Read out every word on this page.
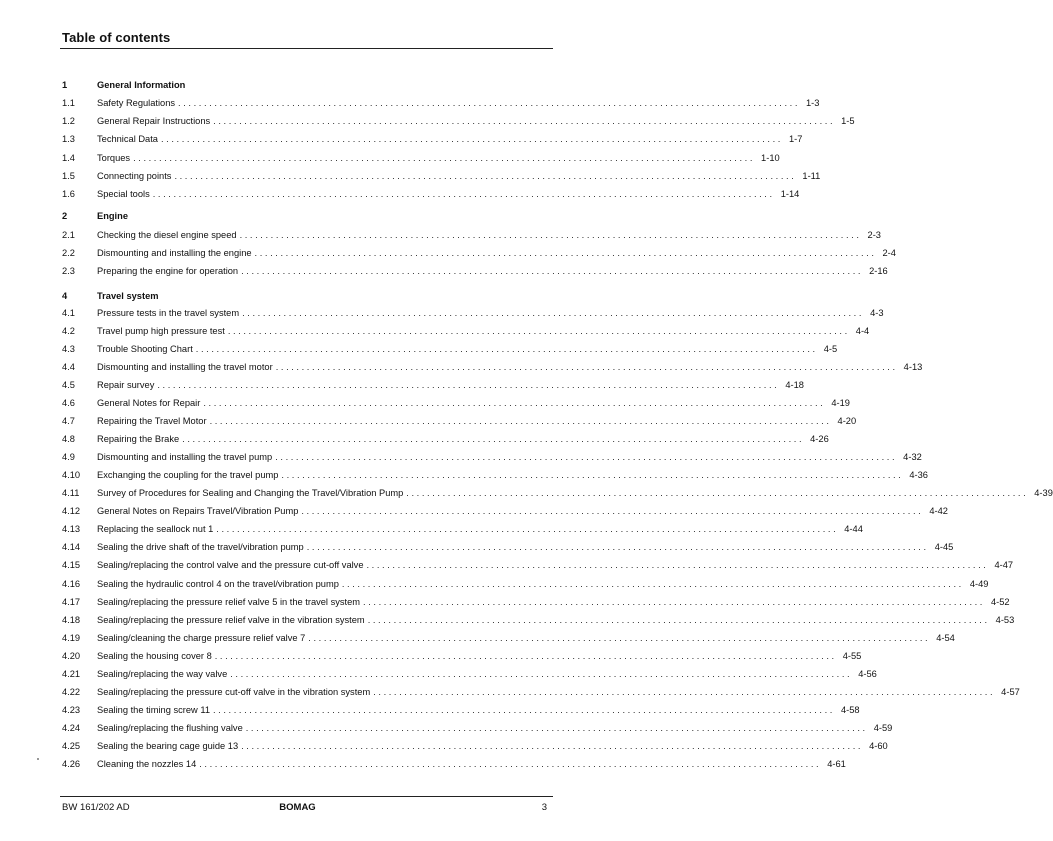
Table of contents
1	General Information
1.1	Safety Regulations ........................................................................................................................ 1-3
1.2	General Repair Instructions ........................................................................................................................ 1-5
1.3	Technical Data ........................................................................................................................ 1-7
1.4	Torques ........................................................................................................................ 1-10
1.5	Connecting points ........................................................................................................................ 1-11
1.6	Special tools ........................................................................................................................ 1-14
2	Engine
2.1	Checking the diesel engine speed ........................................................................................................................ 2-3
2.2	Dismounting and installing the engine ........................................................................................................................ 2-4
2.3	Preparing the engine for operation ........................................................................................................................ 2-16
4	Travel system
4.1	Pressure tests in the travel system ........................................................................................................................ 4-3
4.2	Travel pump high pressure test ........................................................................................................................ 4-4
4.3	Trouble Shooting Chart ........................................................................................................................ 4-5
4.4	Dismounting and installing the travel motor ........................................................................................................................ 4-13
4.5	Repair survey ........................................................................................................................ 4-18
4.6	General Notes for Repair ........................................................................................................................ 4-19
4.7	Repairing the Travel Motor ........................................................................................................................ 4-20
4.8	Repairing the Brake ........................................................................................................................ 4-26
4.9	Dismounting and installing the travel pump ........................................................................................................................ 4-32
4.10	Exchanging the coupling for the travel pump ........................................................................................................................ 4-36
4.11	Survey of Procedures for Sealing and Changing the Travel/Vibration Pump ........................................................................................................................ 4-39
4.12	General Notes on Repairs Travel/Vibration Pump ........................................................................................................................ 4-42
4.13	Replacing the seallock nut 1 ........................................................................................................................ 4-44
4.14	Sealing the drive shaft of the travel/vibration pump ........................................................................................................................ 4-45
4.15	Sealing/replacing the control valve and the pressure cut-off valve ........................................................................................................................ 4-47
4.16	Sealing the hydraulic control 4 on the travel/vibration pump ........................................................................................................................ 4-49
4.17	Sealing/replacing the pressure relief valve 5 in the travel system ........................................................................................................................ 4-52
4.18	Sealing/replacing the pressure relief valve in the vibration system ........................................................................................................................ 4-53
4.19	Sealing/cleaning the charge pressure relief valve 7 ........................................................................................................................ 4-54
4.20	Sealing the housing cover 8 ........................................................................................................................ 4-55
4.21	Sealing/replacing the way valve ........................................................................................................................ 4-56
4.22	Sealing/replacing the pressure cut-off valve in the vibration system ........................................................................................................................ 4-57
4.23	Sealing the timing screw 11 ........................................................................................................................ 4-58
4.24	Sealing/replacing the flushing valve ........................................................................................................................ 4-59
4.25	Sealing the bearing cage guide 13 ........................................................................................................................ 4-60
4.26	Cleaning the nozzles 14 ........................................................................................................................ 4-61
BW 161/202 AD	BOMAG	3
